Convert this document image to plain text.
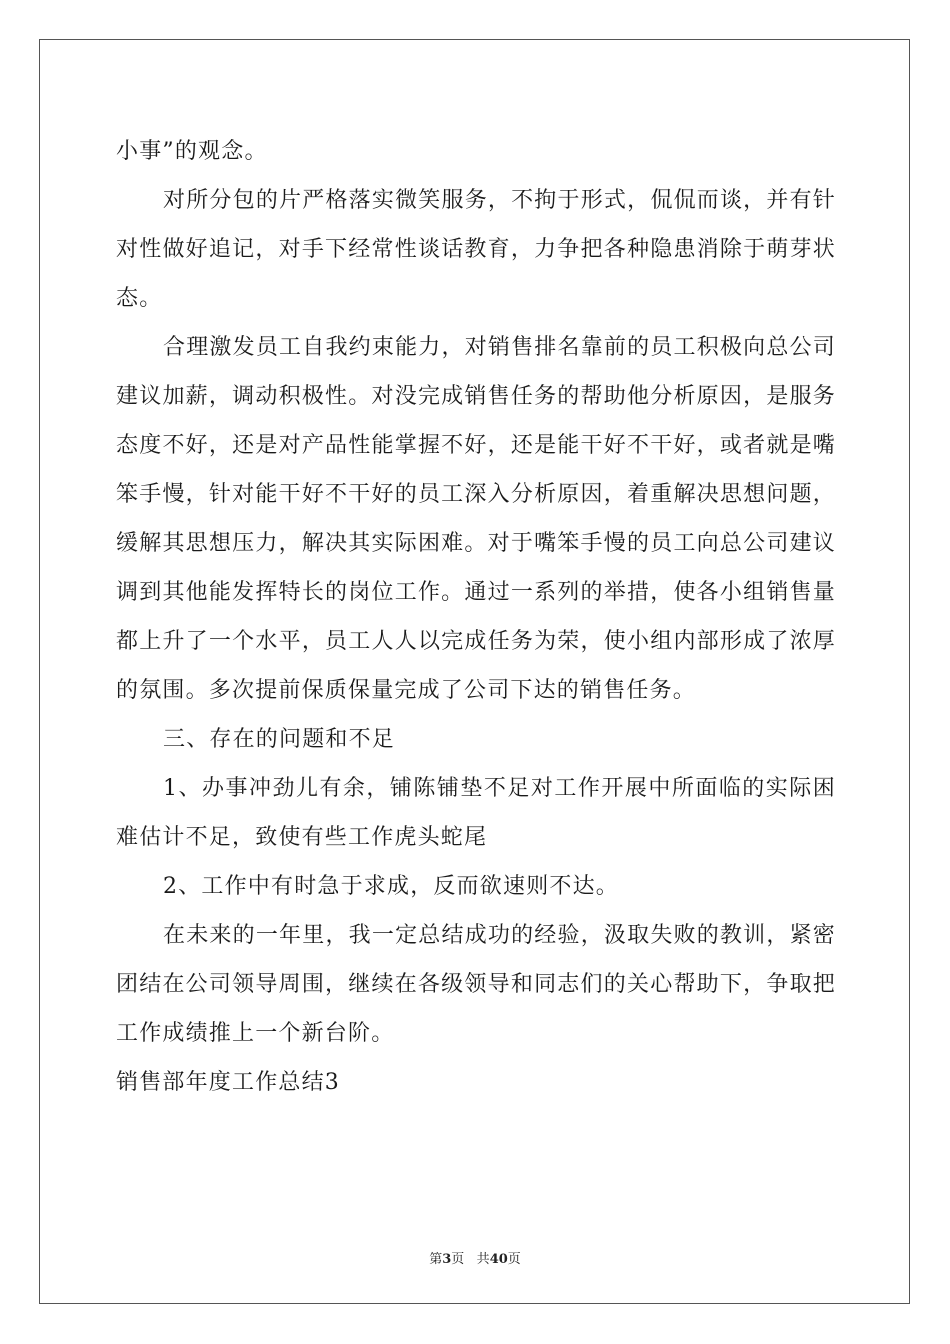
小事”的观念。

对所分包的片严格落实微笑服务，不拘于形式，侃侃而谈，并有针对性做好追记，对手下经常性谈话教育，力争把各种隐患消除于萌芽状态。

合理激发员工自我约束能力，对销售排名靠前的员工积极向总公司建议加薪，调动积极性。对没完成销售任务的帮助他分析原因，是服务态度不好，还是对产品性能掌握不好，还是能干好不干好，或者就是嘴笨手慢，针对能干好不干好的员工深入分析原因，着重解决思想问题，缓解其思想压力，解决其实际困难。对于嘴笨手慢的员工向总公司建议调到其他能发挥特长的岗位工作。通过一系列的举措，使各小组销售量都上升了一个水平，员工人人以完成任务为荣，使小组内部形成了浓厚的氛围。多次提前保质保量完成了公司下达的销售任务。

三、存在的问题和不足

1、办事冲劲儿有余，铺陈铺垫不足对工作开展中所面临的实际困难估计不足，致使有些工作虎头蛇尾

2、工作中有时急于求成，反而欲速则不达。

在未来的一年里，我一定总结成功的经验，汲取失败的教训，紧密团结在公司领导周围，继续在各级领导和同志们的关心帮助下，争取把工作成绩推上一个新台阶。

销售部年度工作总结3

第3页 共40页
